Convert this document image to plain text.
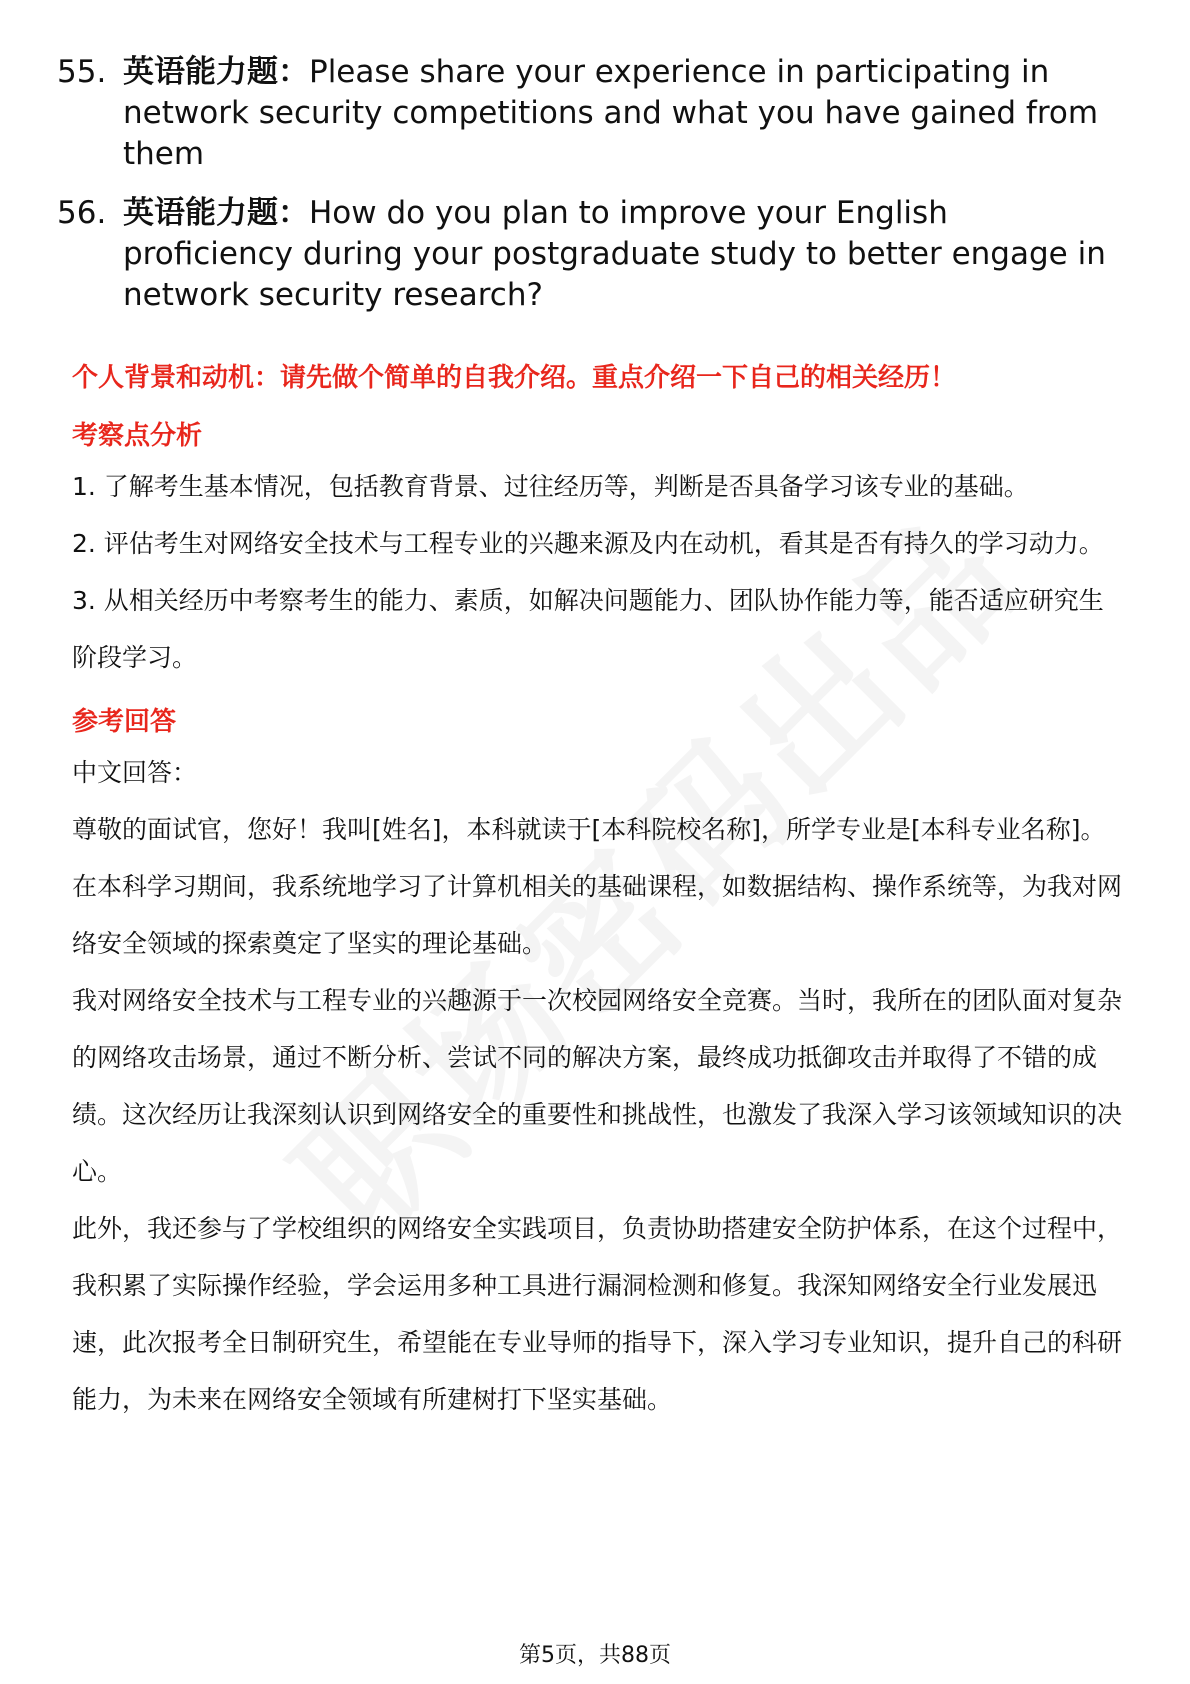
55. 英语能力题：Please share your experience in participating in network security competitions and what you have gained from them
56. 英语能力题：How do you plan to improve your English proficiency during your postgraduate study to better engage in network security research?
个人背景和动机：请先做个简单的自我介绍。重点介绍一下自己的相关经历！
考察点分析

1. 了解考生基本情况，包括教育背景、过往经历等，判断是否具备学习该专业的基础。

2. 评估考生对网络安全技术与工程专业的兴趣来源及内在动机，看其是否有持久的学习动力。

3. 从相关经历中考察考生的能力、素质，如解决问题能力、团队协作能力等，能否适应研究生阶段学习。

参考回答

中文回答：

尊敬的面试官，您好！我叫[姓名]，本科就读于[本科院校名称]，所学专业是[本科专业名称]。在本科学习期间，我系统地学习了计算机相关的基础课程，如数据结构、操作系统等，为我对网络安全领域的探索奠定了坚实的理论基础。

我对网络安全技术与工程专业的兴趣源于一次校园网络安全竞赛。当时，我所在的团队面对复杂的网络攻击场景，通过不断分析、尝试不同的解决方案，最终成功抵御攻击并取得了不错的成绩。这次经历让我深刻认识到网络安全的重要性和挑战性，也激发了我深入学习该领域知识的决心。

此外，我还参与了学校组织的网络安全实践项目，负责协助搭建安全防护体系，在这个过程中，我积累了实际操作经验，学会运用多种工具进行漏洞检测和修复。我深知网络安全行业发展迅速，此次报考全日制研究生，希望能在专业导师的指导下，深入学习专业知识，提升自己的科研能力，为未来在网络安全领域有所建树打下坚实基础。

第5页，共88页
